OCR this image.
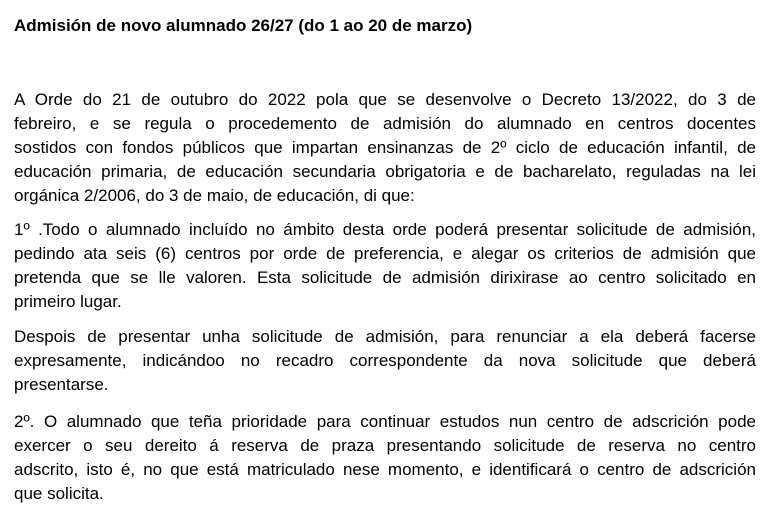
Admisión de novo alumnado 26/27 (do 1 ao 20 de marzo)
A Orde do 21 de outubro do 2022 pola que se desenvolve o Decreto 13/2022, do 3 de
febreiro, e se regula o procedemento de admisión do alumnado en centros docentes
sostidos con fondos públicos que impartan ensinanzas de 2º ciclo de educación infantil, de
educación primaria, de educación secundaria obrigatoria e de bacharelato, reguladas na lei
orgánica 2/2006, do 3 de maio, de educación, di que:
1º .Todo o alumnado incluído no ámbito desta orde poderá presentar solicitude de admisión,
pedindo ata seis (6) centros por orde de preferencia, e alegar os criterios de admisión que
pretenda que se lle valoren. Esta solicitude de admisión dirixirase ao centro solicitado en
primeiro lugar.
Despois de presentar unha solicitude de admisión, para renunciar a ela deberá facerse
expresamente, indicándoo no recadro correspondente da nova solicitude que deberá
presentarse.
2º. O alumnado que teña prioridade para continuar estudos nun centro de adscrición pode
exercer o seu dereito á reserva de praza presentando solicitude de reserva no centro
adscrito, isto é, no que está matriculado nese momento, e identificará o centro de adscrición
que solicita.
